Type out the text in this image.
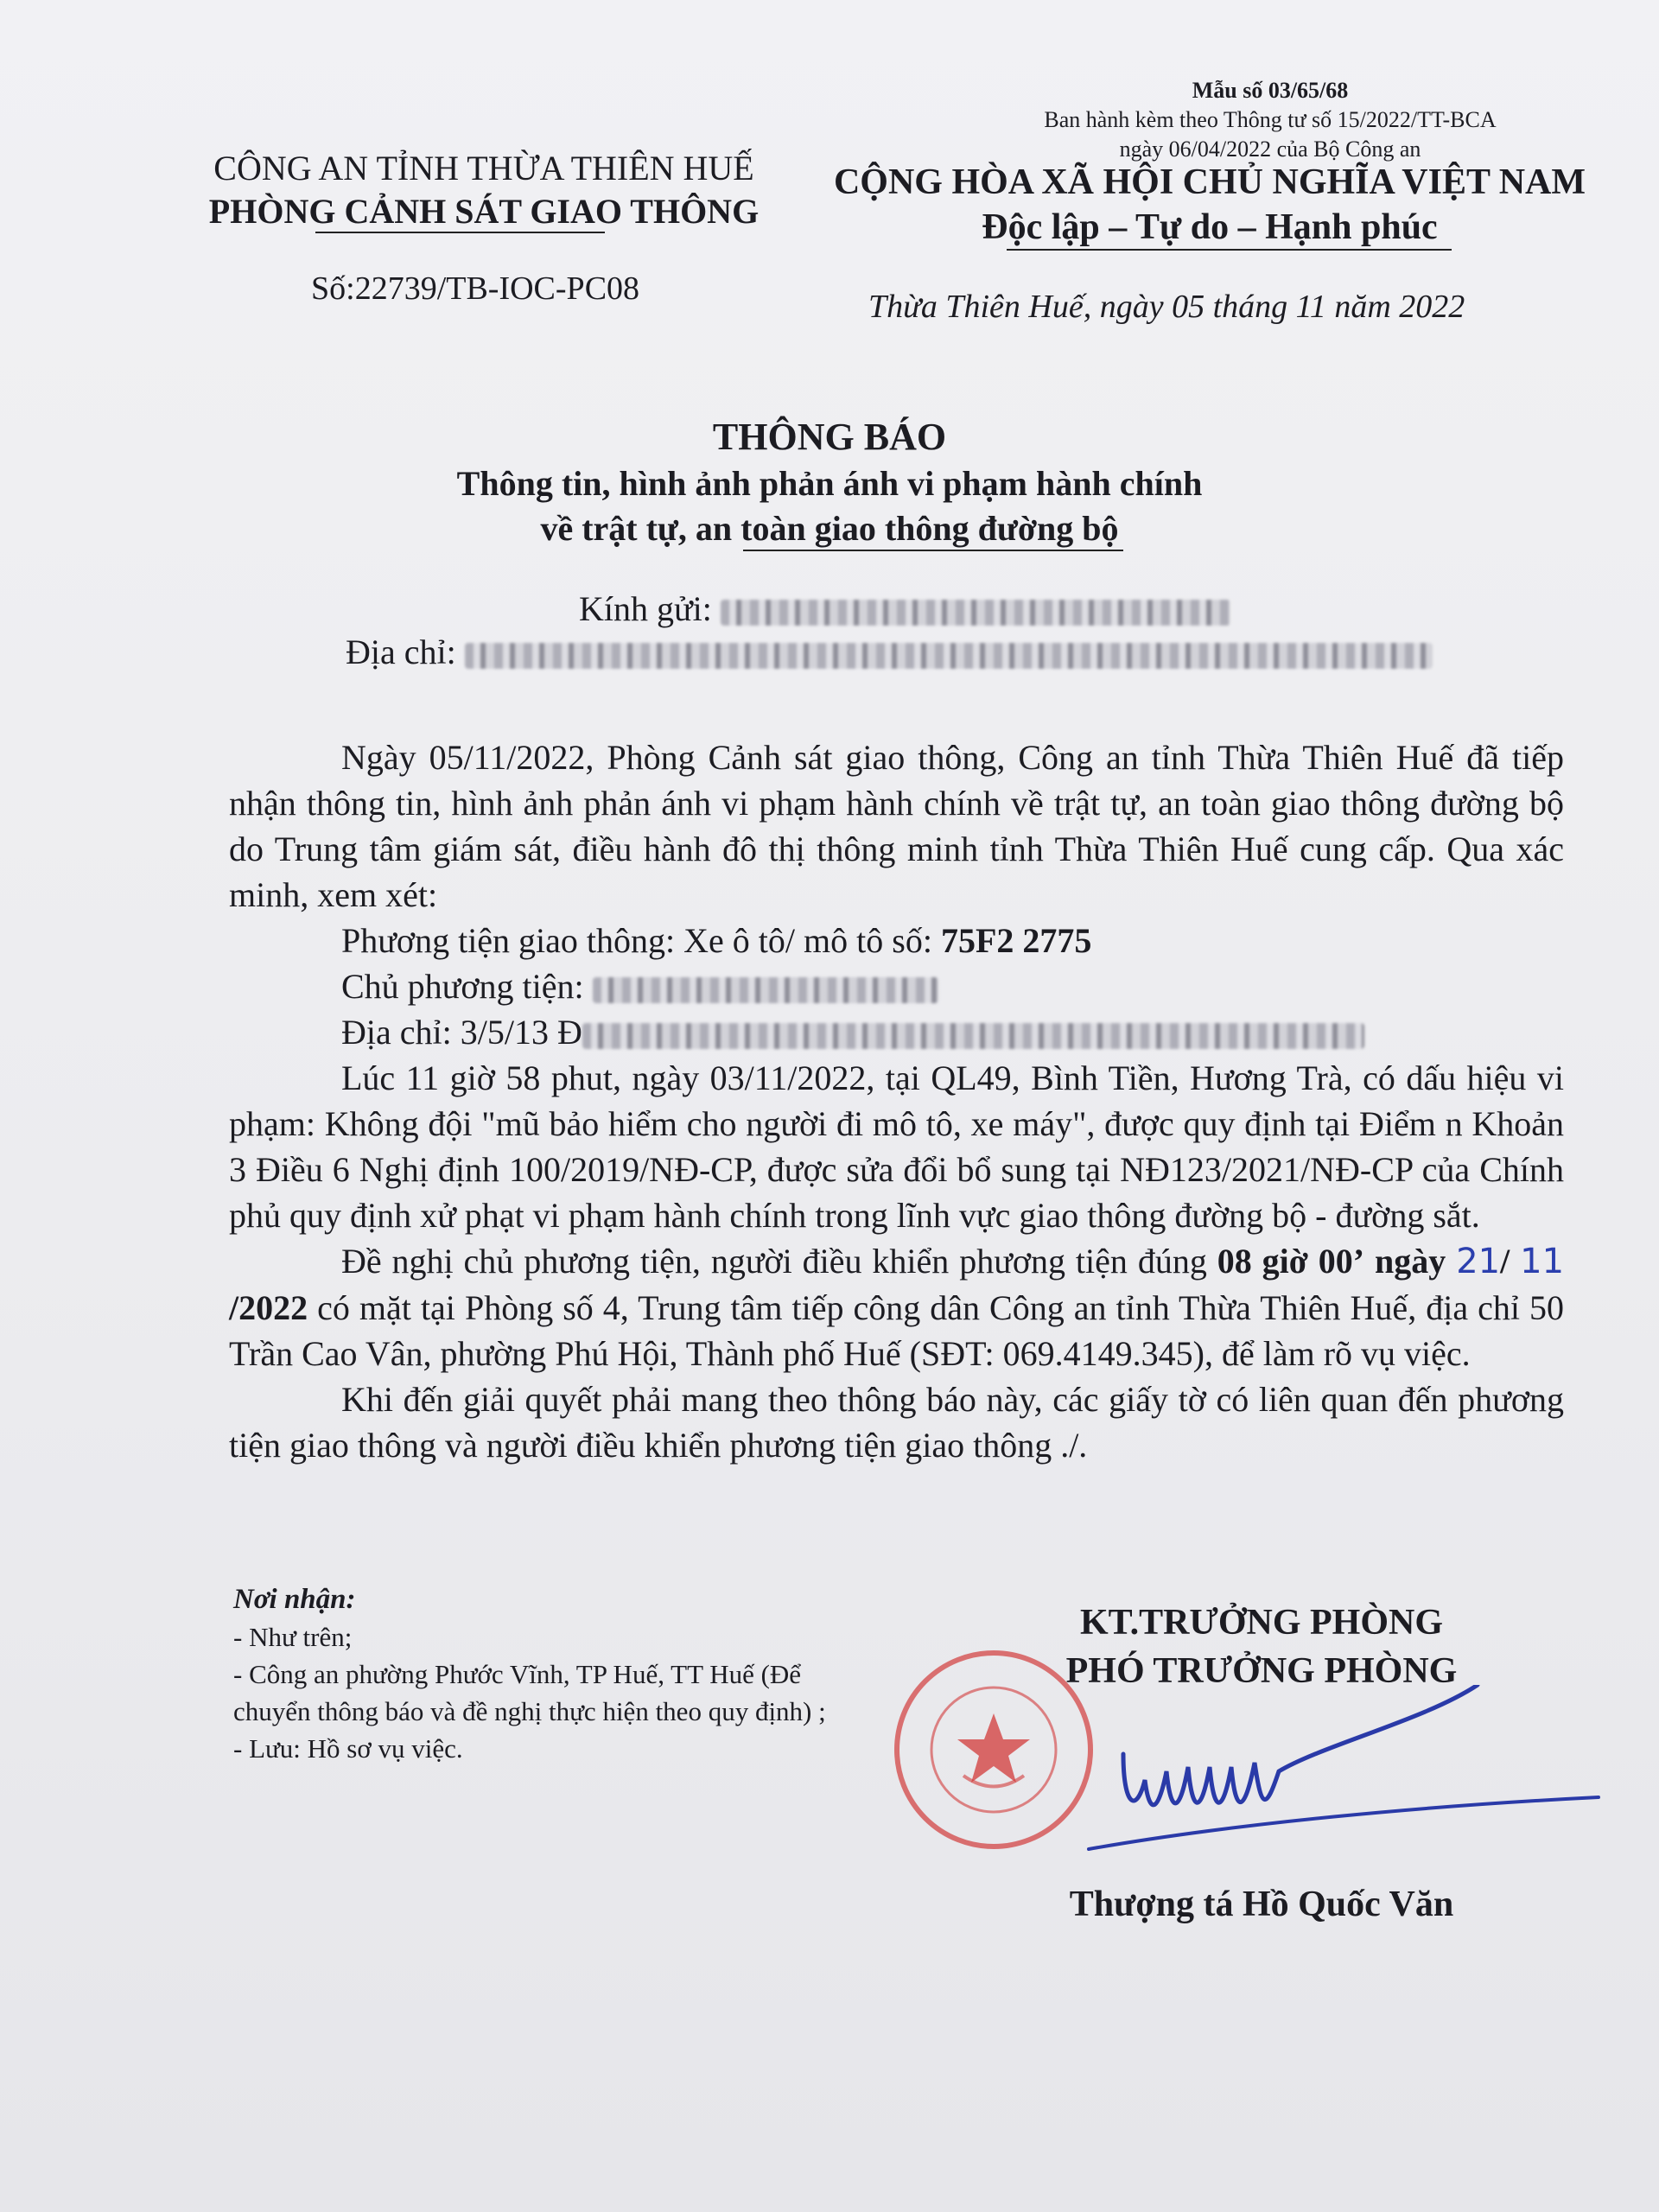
Mẫu số 03/65/68
Ban hành kèm theo Thông tư số 15/2022/TT-BCA
ngày 06/04/2022 của Bộ Công an
CÔNG AN TỈNH THỪA THIÊN HUẾ
PHÒNG CẢNH SÁT GIAO THÔNG
CỘNG HÒA XÃ HỘI CHỦ NGHĨA VIỆT NAM
Độc lập – Tự do – Hạnh phúc
Số:22739/TB-IOC-PC08	Thừa Thiên Huế, ngày 05 tháng 11 năm 2022
THÔNG BÁO
Thông tin, hình ảnh phản ánh vi phạm hành chính
về trật tự, an toàn giao thông đường bộ
Kính gửi:
Địa chỉ:

Ngày 05/11/2022, Phòng Cảnh sát giao thông, Công an tỉnh Thừa Thiên Huế đã tiếp nhận thông tin, hình ảnh phản ánh vi phạm hành chính về trật tự, an toàn giao thông đường bộ do Trung tâm giám sát, điều hành đô thị thông minh tỉnh Thừa Thiên Huế cung cấp. Qua xác minh, xem xét:

Phương tiện giao thông: Xe ô tô/ mô tô số: 75F2 2775

Chủ phương tiện:

Địa chỉ: 3/5/13 Đ

Lúc 11 giờ 58 phut, ngày 03/11/2022, tại QL49, Bình Tiền, Hương Trà, có dấu hiệu vi phạm: Không đội "mũ bảo hiểm cho người đi mô tô, xe máy", được quy định tại Điểm n Khoản 3 Điều 6 Nghị định 100/2019/NĐ-CP, được sửa đổi bổ sung tại NĐ123/2021/NĐ-CP của Chính phủ quy định xử phạt vi phạm hành chính trong lĩnh vực giao thông đường bộ - đường sắt.

Đề nghị chủ phương tiện, người điều khiển phương tiện đúng 08 giờ 00’ ngày 21/ 11 /2022 có mặt tại Phòng số 4, Trung tâm tiếp công dân Công an tỉnh Thừa Thiên Huế, địa chỉ 50 Trần Cao Vân, phường Phú Hội, Thành phố Huế (SĐT: 069.4149.345), để làm rõ vụ việc.

Khi đến giải quyết phải mang theo thông báo này, các giấy tờ có liên quan đến phương tiện giao thông và người điều khiển phương tiện giao thông ./.

Nơi nhận:
- Như trên;
- Công an phường Phước Vĩnh, TP Huế, TT Huế (Để chuyển thông báo và đề nghị thực hiện theo quy định) ;
- Lưu: Hồ sơ vụ việc.
KT.TRƯỞNG PHÒNG
PHÓ TRƯỞNG PHÒNG
Thượng tá Hồ Quốc Văn
